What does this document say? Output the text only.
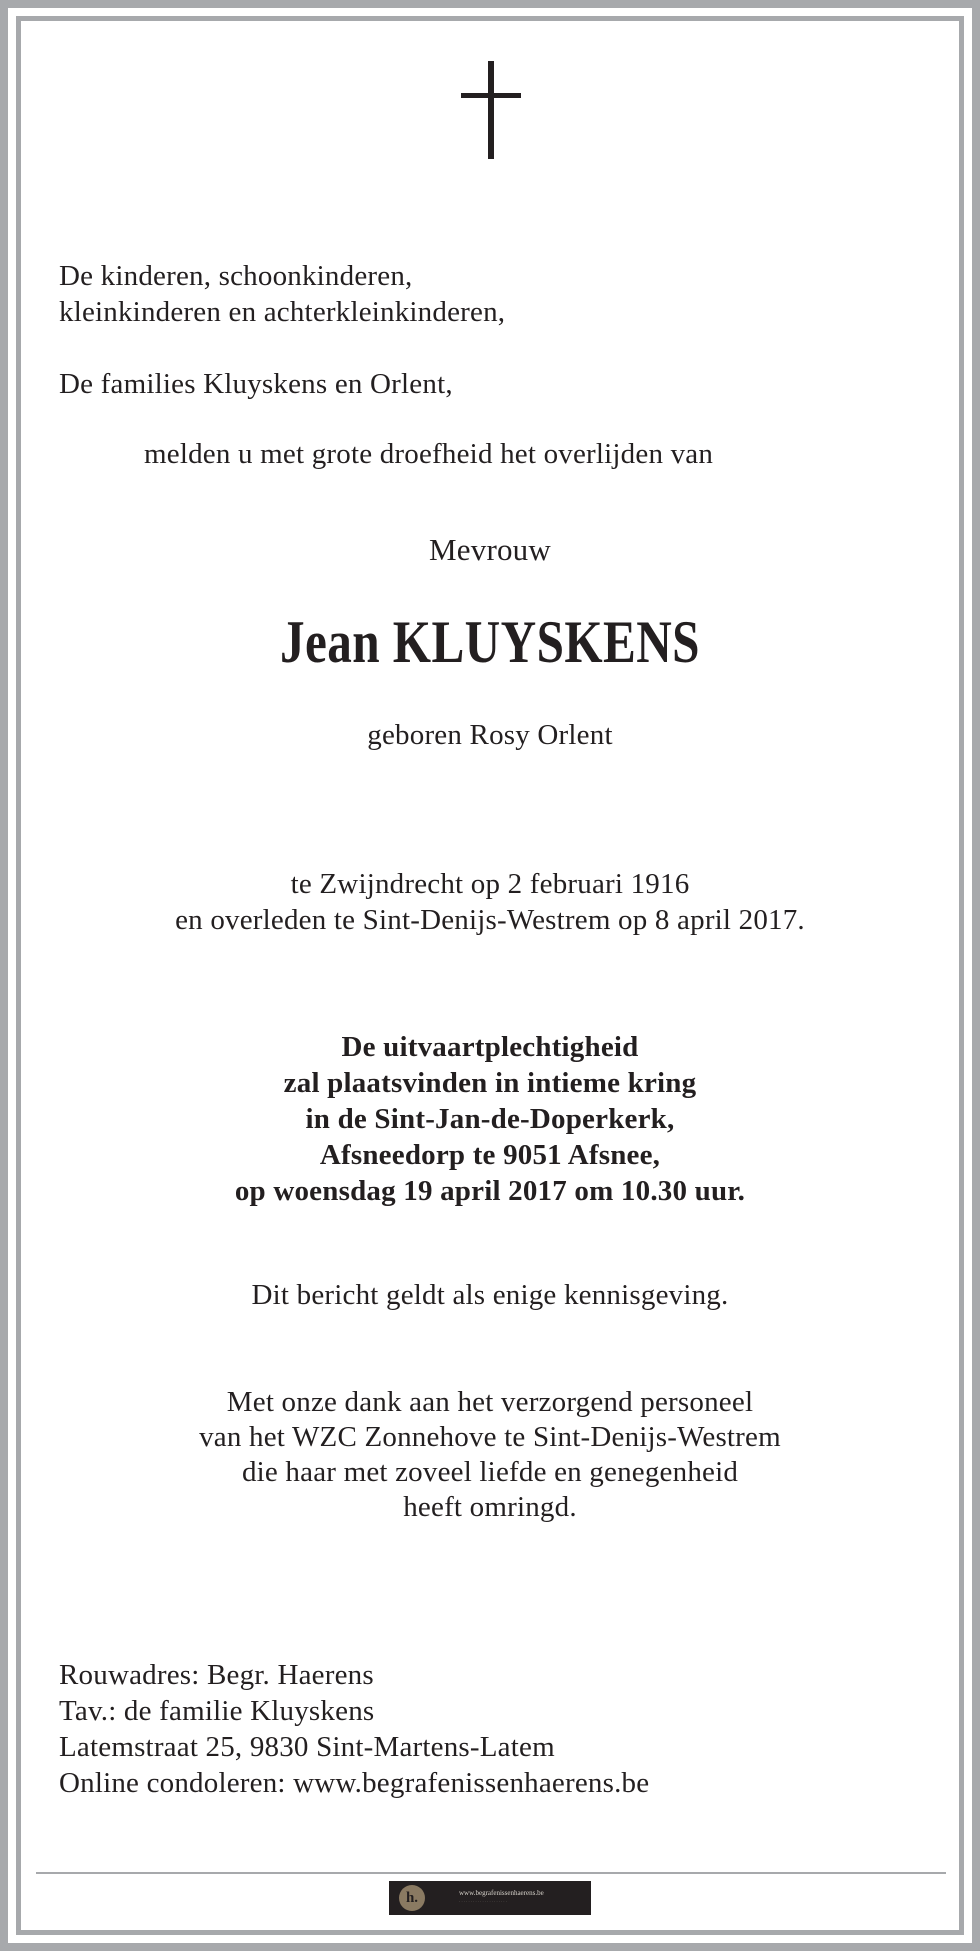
De kinderen, schoonkinderen,
kleinkinderen en achterkleinkinderen,
De families Kluyskens en Orlent,
melden u met grote droefheid het overlijden van
Mevrouw
Jean KLUYSKENS
geboren Rosy Orlent
te Zwijndrecht op 2 februari 1916
en overleden te Sint-Denijs-Westrem op 8 april 2017.
De uitvaartplechtigheid
zal plaatsvinden in intieme kring
in de Sint-Jan-de-Doperkerk,
Afsneedorp te 9051 Afsnee,
op woensdag 19 april 2017 om 10.30 uur.
Dit bericht geldt als enige kennisgeving.
Met onze dank aan het verzorgend personeel
van het WZC Zonnehove te Sint-Denijs-Westrem
die haar met zoveel liefde en genegenheid
heeft omringd.
Rouwadres: Begr. Haerens
Tav.: de familie Kluyskens
Latemstraat 25, 9830 Sint-Martens-Latem
Online condoleren: www.begrafenissenhaerens.be
h.	www.begrafenissenhaerens.be
· · · · · · · · · · · · · · · · · · · · ·
